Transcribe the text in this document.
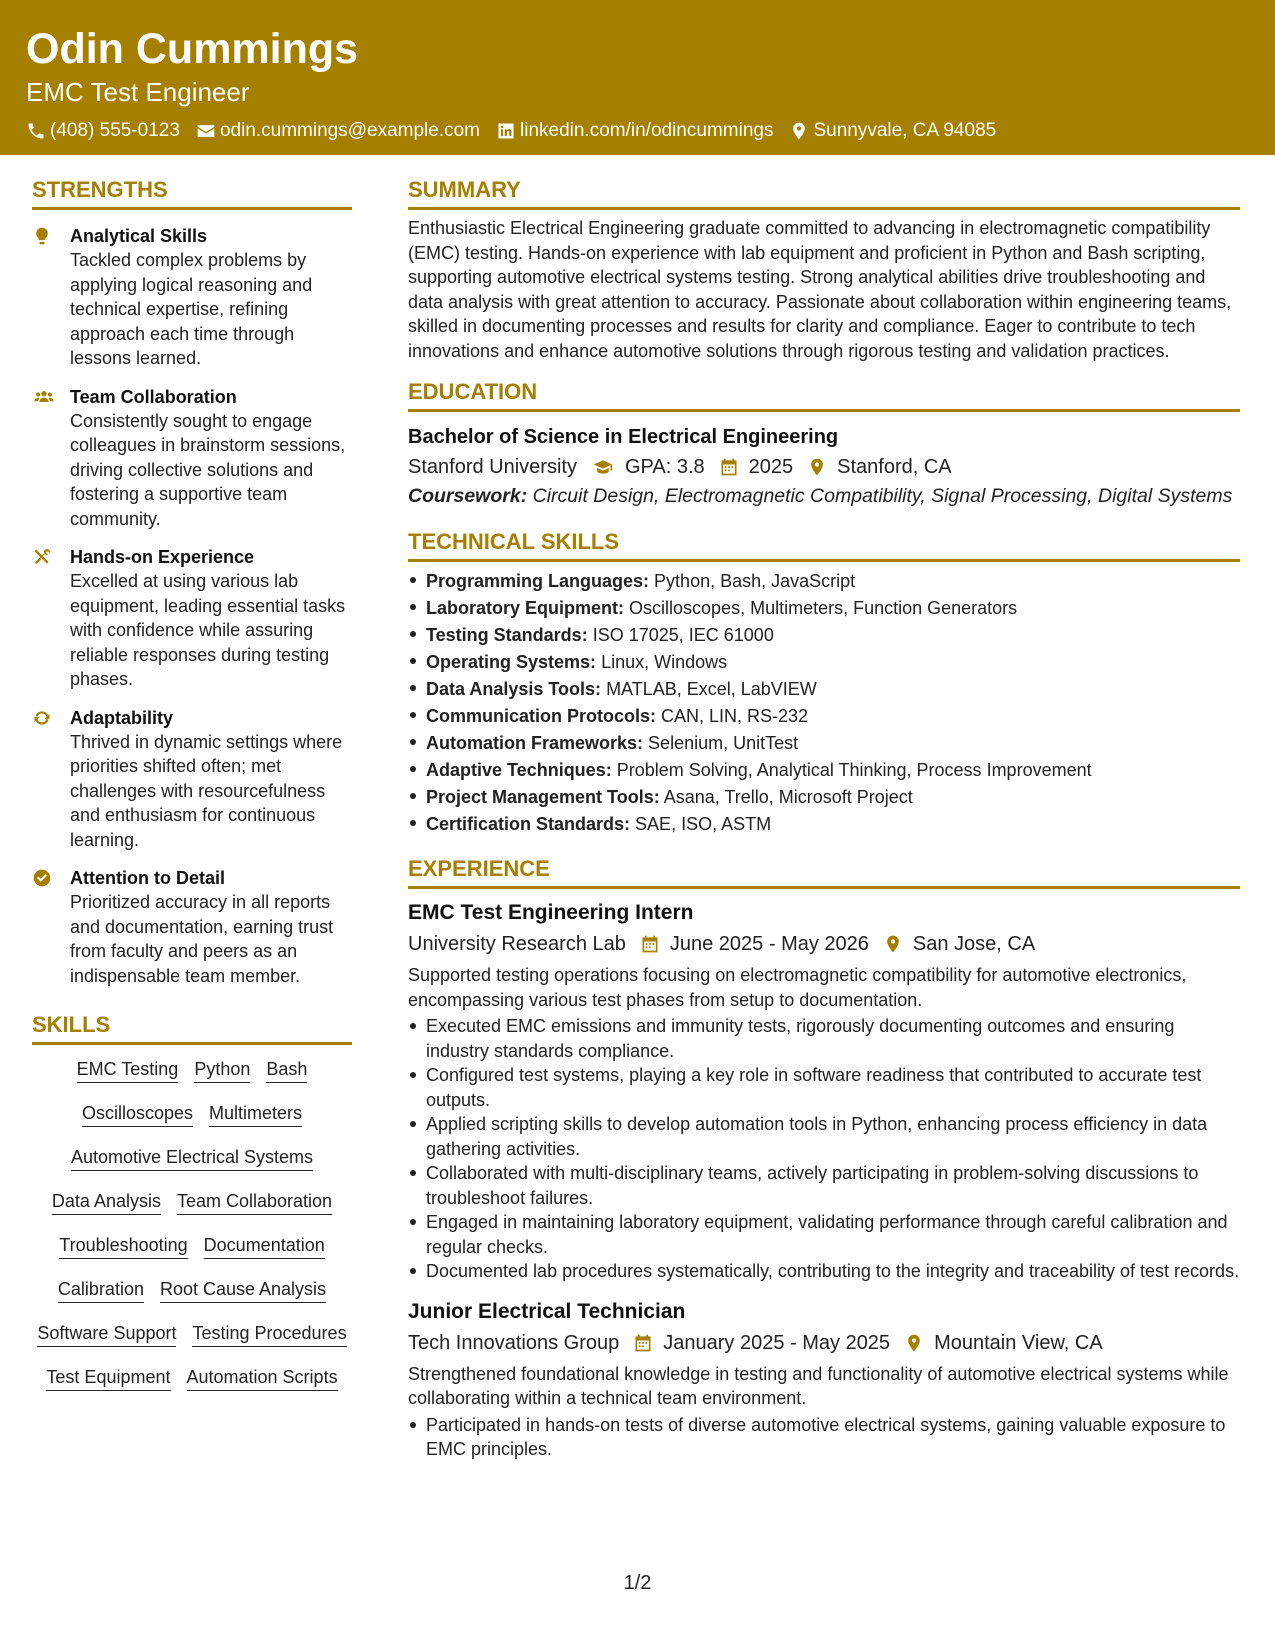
Odin Cummings
EMC Test Engineer
(408) 555-0123 odin.cummings@example.com linkedin.com/in/odincummings Sunnyvale, CA 94085
STRENGTHS
Analytical Skills
Tackled complex problems by applying logical reasoning and technical expertise, refining approach each time through lessons learned.
Team Collaboration
Consistently sought to engage colleagues in brainstorm sessions, driving collective solutions and fostering a supportive team community.
Hands-on Experience
Excelled at using various lab equipment, leading essential tasks with confidence while assuring reliable responses during testing phases.
Adaptability
Thrived in dynamic settings where priorities shifted often; met challenges with resourcefulness and enthusiasm for continuous learning.
Attention to Detail
Prioritized accuracy in all reports and documentation, earning trust from faculty and peers as an indispensable team member.
SKILLS
EMC Testing Python Bash
Oscilloscopes Multimeters
Automotive Electrical Systems
Data Analysis Team Collaboration
Troubleshooting Documentation
Calibration Root Cause Analysis
Software Support Testing Procedures
Test Equipment Automation Scripts
SUMMARY
Enthusiastic Electrical Engineering graduate committed to advancing in electromagnetic compatibility (EMC) testing. Hands-on experience with lab equipment and proficient in Python and Bash scripting, supporting automotive electrical systems testing. Strong analytical abilities drive troubleshooting and data analysis with great attention to accuracy. Passionate about collaboration within engineering teams, skilled in documenting processes and results for clarity and compliance. Eager to contribute to tech innovations and enhance automotive solutions through rigorous testing and validation practices.
EDUCATION
Bachelor of Science in Electrical Engineering
Stanford University GPA: 3.8 2025 Stanford, CA
Coursework: Circuit Design, Electromagnetic Compatibility, Signal Processing, Digital Systems
TECHNICAL SKILLS
Programming Languages: Python, Bash, JavaScript
Laboratory Equipment: Oscilloscopes, Multimeters, Function Generators
Testing Standards: ISO 17025, IEC 61000
Operating Systems: Linux, Windows
Data Analysis Tools: MATLAB, Excel, LabVIEW
Communication Protocols: CAN, LIN, RS-232
Automation Frameworks: Selenium, UnitTest
Adaptive Techniques: Problem Solving, Analytical Thinking, Process Improvement
Project Management Tools: Asana, Trello, Microsoft Project
Certification Standards: SAE, ISO, ASTM
EXPERIENCE
EMC Test Engineering Intern
University Research Lab June 2025 - May 2026 San Jose, CA
Supported testing operations focusing on electromagnetic compatibility for automotive electronics, encompassing various test phases from setup to documentation.
Executed EMC emissions and immunity tests, rigorously documenting outcomes and ensuring industry standards compliance.
Configured test systems, playing a key role in software readiness that contributed to accurate test outputs.
Applied scripting skills to develop automation tools in Python, enhancing process efficiency in data gathering activities.
Collaborated with multi-disciplinary teams, actively participating in problem-solving discussions to troubleshoot failures.
Engaged in maintaining laboratory equipment, validating performance through careful calibration and regular checks.
Documented lab procedures systematically, contributing to the integrity and traceability of test records.
Junior Electrical Technician
Tech Innovations Group January 2025 - May 2025 Mountain View, CA
Strengthened foundational knowledge in testing and functionality of automotive electrical systems while collaborating within a technical team environment.
Participated in hands-on tests of diverse automotive electrical systems, gaining valuable exposure to EMC principles.
1/2
